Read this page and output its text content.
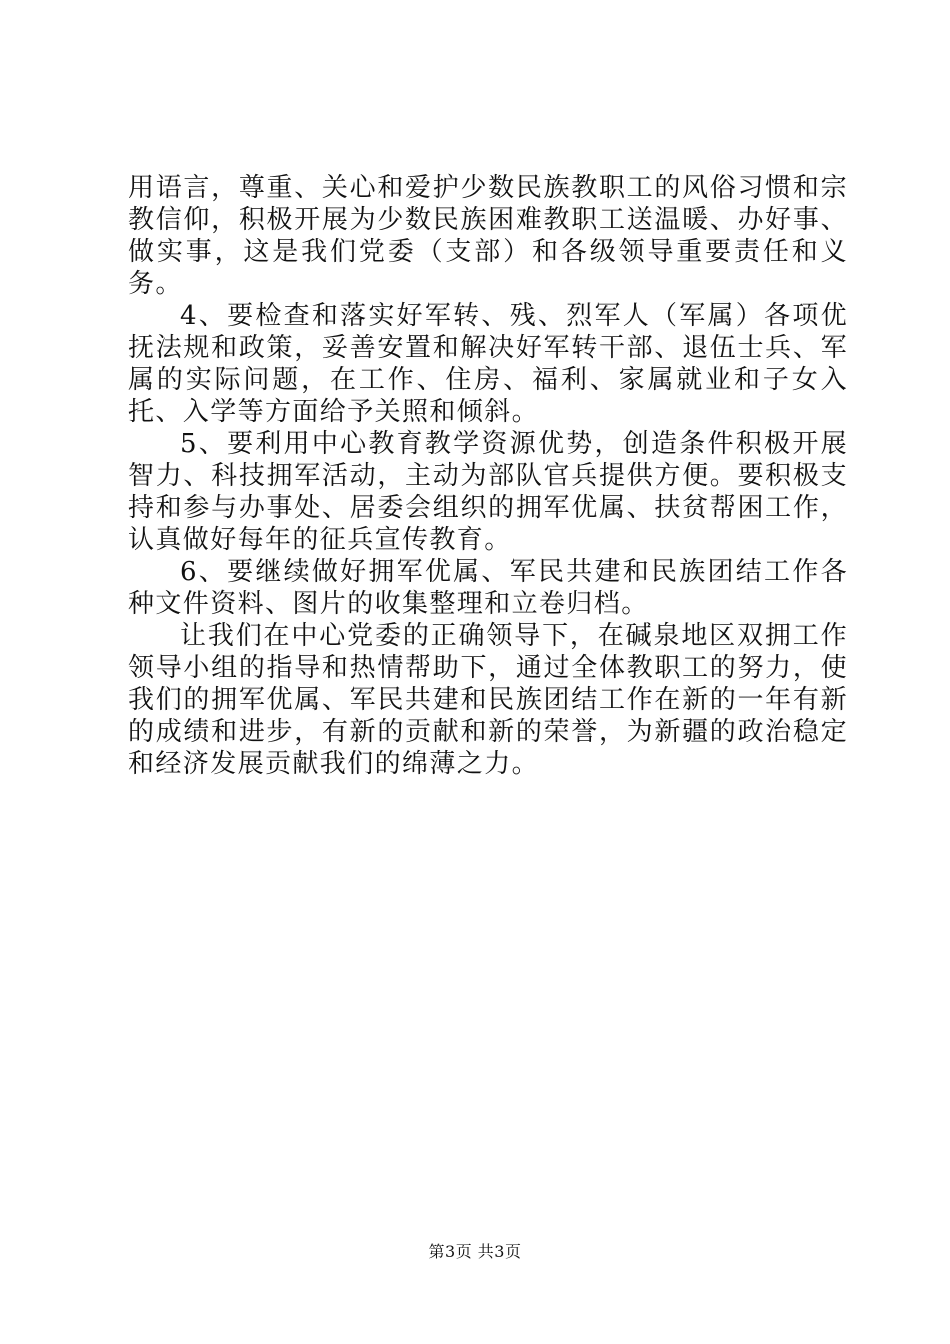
用语言，尊重、关心和爱护少数民族教职工的风俗习惯和宗教信仰，积极开展为少数民族困难教职工送温暖、办好事、做实事，这是我们党委（支部）和各级领导重要责任和义务。

4、要检查和落实好军转、残、烈军人（军属）各项优抚法规和政策，妥善安置和解决好军转干部、退伍士兵、军属的实际问题，在工作、住房、福利、家属就业和子女入托、入学等方面给予关照和倾斜。

5、要利用中心教育教学资源优势，创造条件积极开展智力、科技拥军活动，主动为部队官兵提供方便。要积极支持和参与办事处、居委会组织的拥军优属、扶贫帮困工作，认真做好每年的征兵宣传教育。

6、要继续做好拥军优属、军民共建和民族团结工作各种文件资料、图片的收集整理和立卷归档。

让我们在中心党委的正确领导下，在碱泉地区双拥工作领导小组的指导和热情帮助下，通过全体教职工的努力，使我们的拥军优属、军民共建和民族团结工作在新的一年有新的成绩和进步，有新的贡献和新的荣誉，为新疆的政治稳定和经济发展贡献我们的绵薄之力。

第3页 共3页
